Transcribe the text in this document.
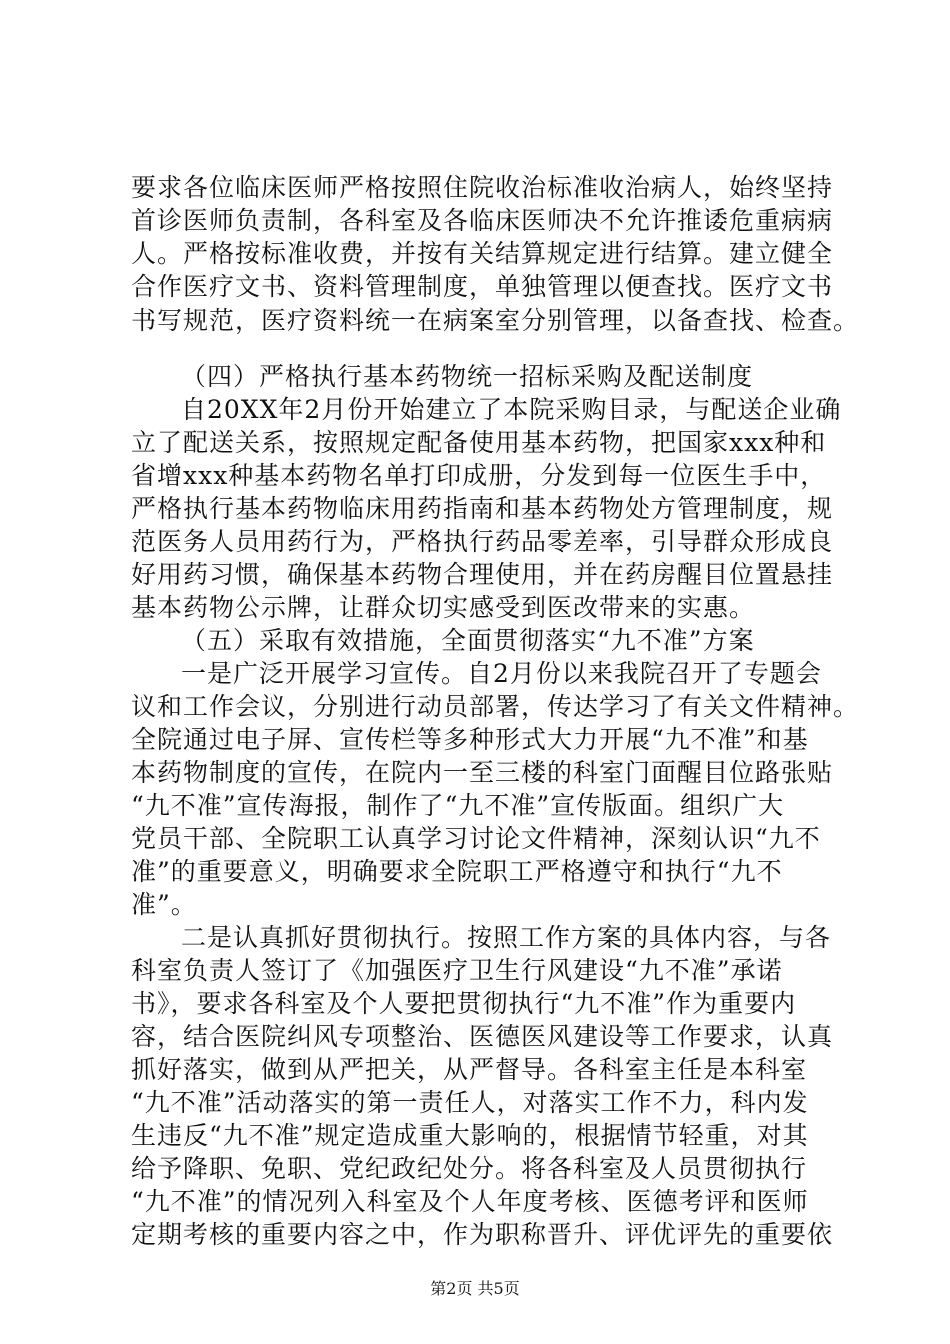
要求各位临床医师严格按照住院收治标准收治病人，始终坚持
首诊医师负责制，各科室及各临床医师决不允许推诿危重病病
人。严格按标准收费，并按有关结算规定进行结算。建立健全
合作医疗文书、资料管理制度，单独管理以便查找。医疗文书
书写规范，医疗资料统一在病案室分别管理，以备查找、检查。
（四）严格执行基本药物统一招标采购及配送制度
自20XX年2月份开始建立了本院采购目录，与配送企业确
立了配送关系，按照规定配备使用基本药物，把国家xxx种和
省增xxx种基本药物名单打印成册，分发到每一位医生手中，
严格执行基本药物临床用药指南和基本药物处方管理制度，规
范医务人员用药行为，严格执行药品零差率，引导群众形成良
好用药习惯，确保基本药物合理使用，并在药房醒目位置悬挂
基本药物公示牌，让群众切实感受到医改带来的实惠。
（五）采取有效措施，全面贯彻落实“九不准”方案
一是广泛开展学习宣传。自2月份以来我院召开了专题会
议和工作会议，分别进行动员部署，传达学习了有关文件精神。
全院通过电子屏、宣传栏等多种形式大力开展“九不准”和基
本药物制度的宣传，在院内一至三楼的科室门面醒目位路张贴
“九不准”宣传海报，制作了“九不准”宣传版面。组织广大
党员干部、全院职工认真学习讨论文件精神，深刻认识“九不
准”的重要意义，明确要求全院职工严格遵守和执行“九不
准”。
二是认真抓好贯彻执行。按照工作方案的具体内容，与各
科室负责人签订了《加强医疗卫生行风建设“九不准”承诺
书》，要求各科室及个人要把贯彻执行“九不准”作为重要内
容，结合医院纠风专项整治、医德医风建设等工作要求，认真
抓好落实，做到从严把关，从严督导。各科室主任是本科室
“九不准”活动落实的第一责任人，对落实工作不力，科内发
生违反“九不准”规定造成重大影响的，根据情节轻重，对其
给予降职、免职、党纪政纪处分。将各科室及人员贯彻执行
“九不准”的情况列入科室及个人年度考核、医德考评和医师
定期考核的重要内容之中，作为职称晋升、评优评先的重要依
第2页 共5页
